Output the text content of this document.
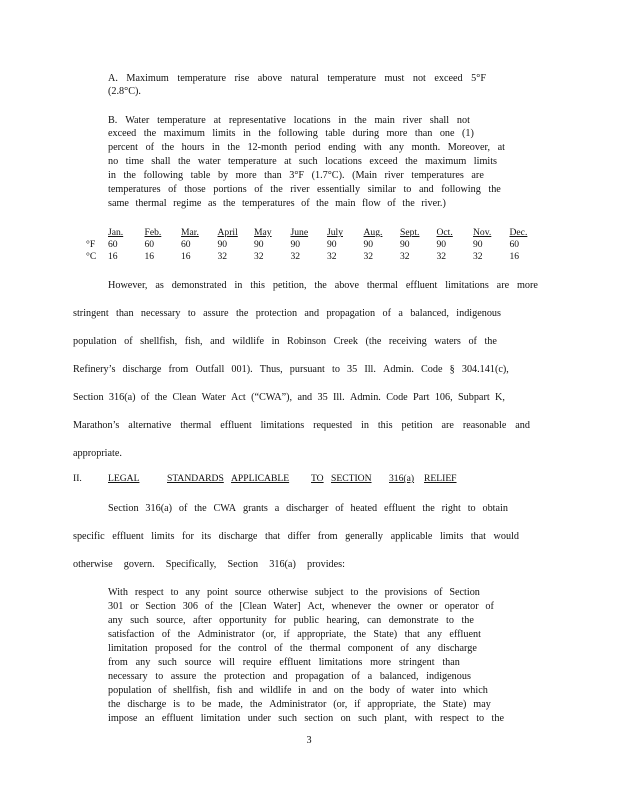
A. Maximum temperature rise above natural temperature must not exceed 5°F
(2.8°C).
B. Water temperature at representative locations in the main river shall not
exceed the maximum limits in the following table during more than one (1)
percent of the hours in the 12-month period ending with any month. Moreover, at
no time shall the water temperature at such locations exceed the maximum limits
in the following table by more than 3°F (1.7°C). (Main river temperatures are
temperatures of those portions of the river essentially similar to and following the
same thermal regime as the temperatures of the main flow of the river.)
	Jan.	Feb.	Mar.	April	May	June	July	Aug.	Sept.	Oct.	Nov.	Dec.
°F	60	60	60	90	90	90	90	90	90	90	90	60
°C	16	16	16	32	32	32	32	32	32	32	32	16
However, as demonstrated in this petition, the above thermal effluent limitations are more
stringent than necessary to assure the protection and propagation of a balanced, indigenous
population of shellfish, fish, and wildlife in Robinson Creek (the receiving waters of the
Refinery’s discharge from Outfall 001). Thus, pursuant to 35 Ill. Admin. Code § 304.141(c),
Section 316(a) of the Clean Water Act (“CWA”), and 35 Ill. Admin. Code Part 106, Subpart K,
Marathon’s alternative thermal effluent limitations requested in this petition are reasonable and
appropriate.
II.	LEGAL	STANDARDS APPLICABLE TO SECTION 316(a) RELIEF
Section 316(a) of the CWA grants a discharger of heated effluent the right to obtain
specific effluent limits for its discharge that differ from generally applicable limits that would
otherwise govern. Specifically, Section 316(a) provides:
With respect to any point source otherwise subject to the provisions of Section
301 or Section 306 of the [Clean Water] Act, whenever the owner or operator of
any such source, after opportunity for public hearing, can demonstrate to the
satisfaction of the Administrator (or, if appropriate, the State) that any effluent
limitation proposed for the control of the thermal component of any discharge
from any such source will require effluent limitations more stringent than
necessary to assure the protection and propagation of a balanced, indigenous
population of shellfish, fish and wildlife in and on the body of water into which
the discharge is to be made, the Administrator (or, if appropriate, the State) may
impose an effluent limitation under such section on such plant, with respect to the
3
